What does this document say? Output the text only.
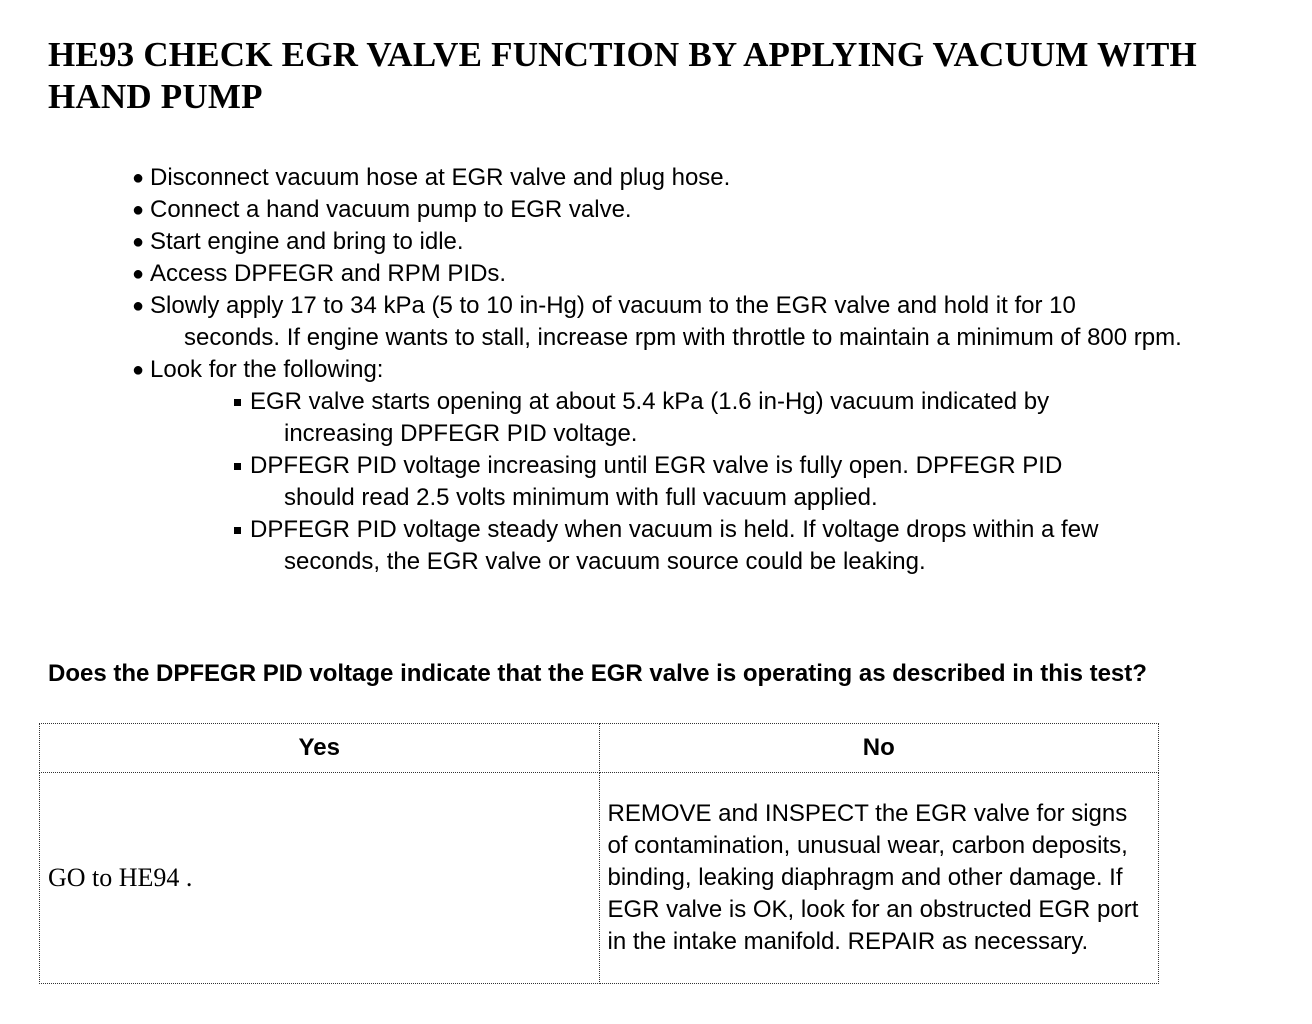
HE93 CHECK EGR VALVE FUNCTION BY APPLYING VACUUM WITH HAND PUMP
● Disconnect vacuum hose at EGR valve and plug hose.
● Connect a hand vacuum pump to EGR valve.
● Start engine and bring to idle.
● Access DPFEGR and RPM PIDs.
● Slowly apply 17 to 34 kPa (5 to 10 in-Hg) of vacuum to the EGR valve and hold it for 10
seconds. If engine wants to stall, increase rpm with throttle to maintain a minimum of 800 rpm.
● Look for the following:
EGR valve starts opening at about 5.4 kPa (1.6 in-Hg) vacuum indicated by
increasing DPFEGR PID voltage.
DPFEGR PID voltage increasing until EGR valve is fully open. DPFEGR PID
should read 2.5 volts minimum with full vacuum applied.
DPFEGR PID voltage steady when vacuum is held. If voltage drops within a few
seconds, the EGR valve or vacuum source could be leaking.

Does the DPFEGR PID voltage indicate that the EGR valve is operating as described in this test?

Yes	No
GO to HE94 .	REMOVE and INSPECT the EGR valve for signs of contamination, unusual wear, carbon deposits, binding, leaking diaphragm and other damage. If EGR valve is OK, look for an obstructed EGR port in the intake manifold. REPAIR as necessary.
